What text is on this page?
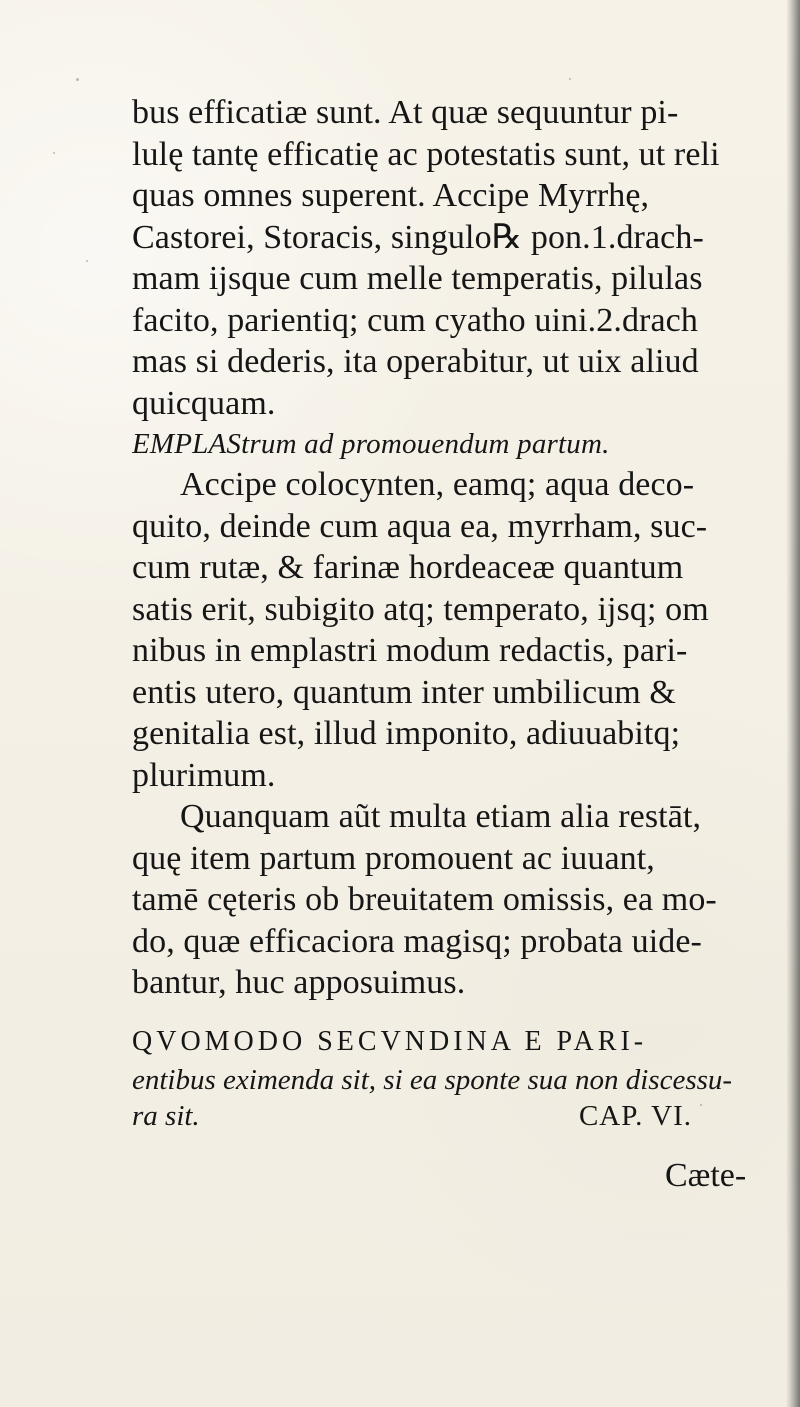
bus efficatiæ sunt. At quæ sequuntur pi-
lulę tantę efficatię ac potestatis sunt, ut reli
quas omnes superent. Accipe Myrrhę,
Castorei, Storacis, singulo℞ pon.1.drach-
mam ijsque cum melle temperatis, pilulas
facito, parientiq; cum cyatho uini.2.drach
mas si dederis, ita operabitur, ut uix aliud
quicquam.
EMPLAStrum ad promouendum partum.
Accipe colocynten, eamq; aqua deco-
quito, deinde cum aqua ea, myrrham, suc-
cum rutæ, & farinæ hordeaceæ quantum
satis erit, subigito atq; temperato, ijsq; om
nibus in emplastri modum redactis, pari-
entis utero, quantum inter umbilicum &
genitalia est, illud imponito, adiuuabitq;
plurimum.
Quanquam aũt multa etiam alia restāt,
quę item partum promouent ac iuuant,
tamē cęteris ob breuitatem omissis, ea mo-
do, quæ efficaciora magisq; probata uide-
bantur, huc apposuimus.
QVOMODO SECVNDINA E PARI-
entibus eximenda sit, si ea sponte sua non discessu-
ra sit.	CAP. VI.
Cæte-
